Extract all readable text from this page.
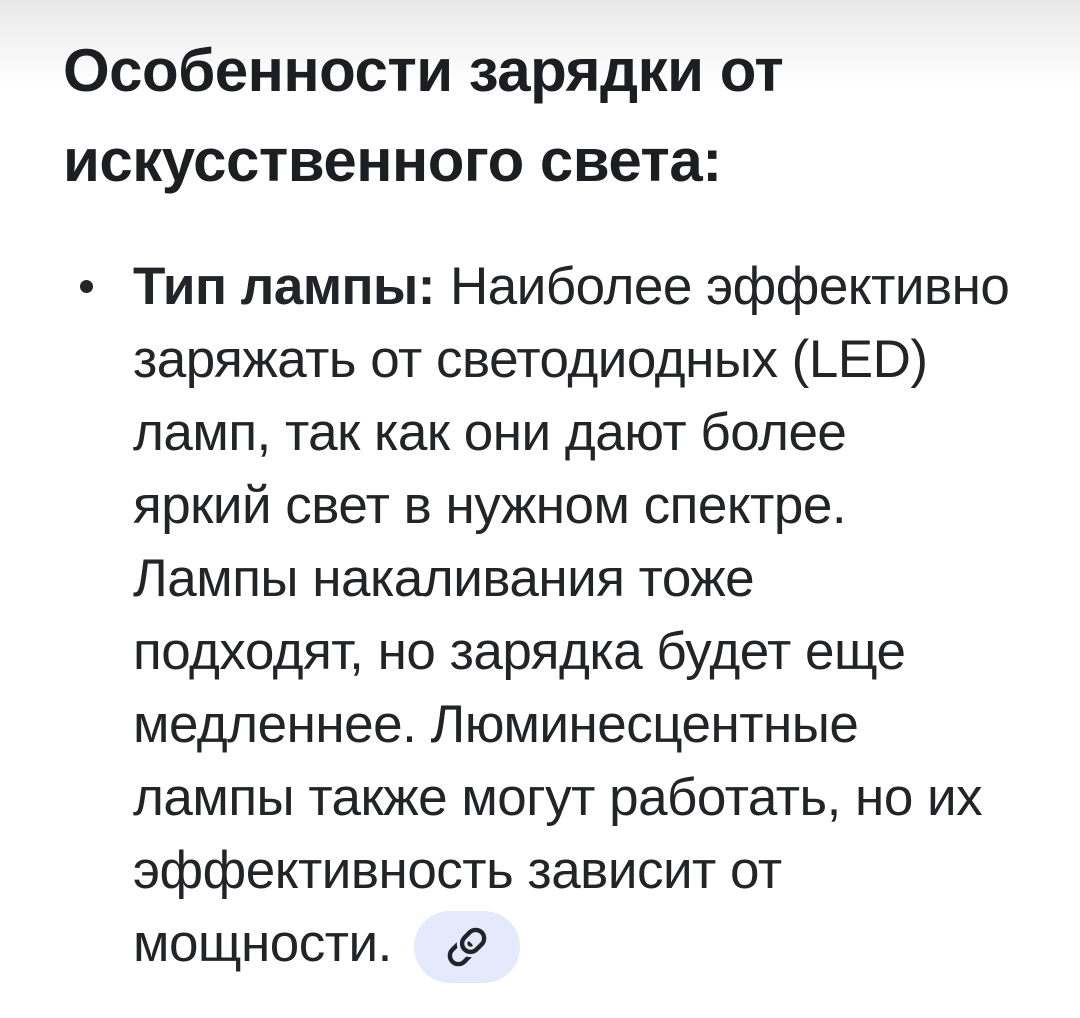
Особенности зарядки от
искусственного света:
Тип лампы: Наиболее эффективно
заряжать от светодиодных (LED)
ламп, так как они дают более
яркий свет в нужном спектре.
Лампы накаливания тоже
подходят, но зарядка будет еще
медленнее. Люминесцентные
лампы также могут работать, но их
эффективность зависит от
мощности.
